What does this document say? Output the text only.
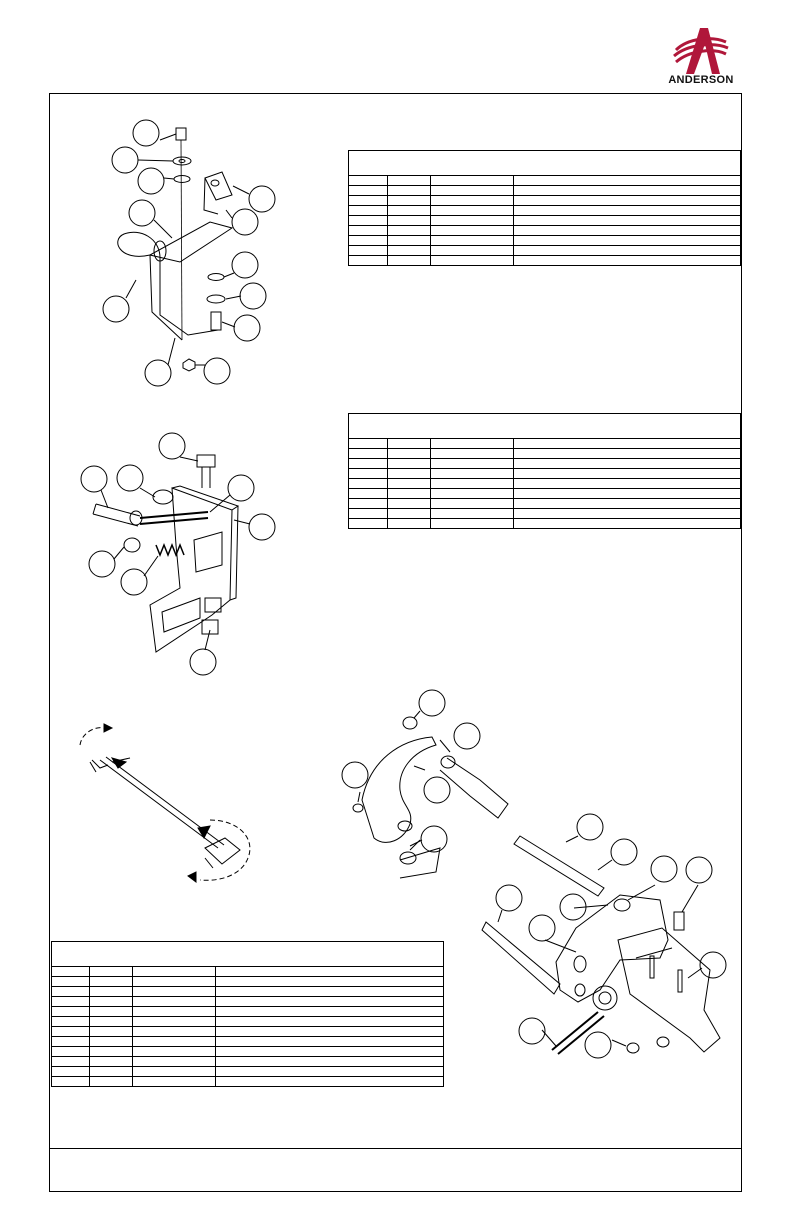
ANDERSON
